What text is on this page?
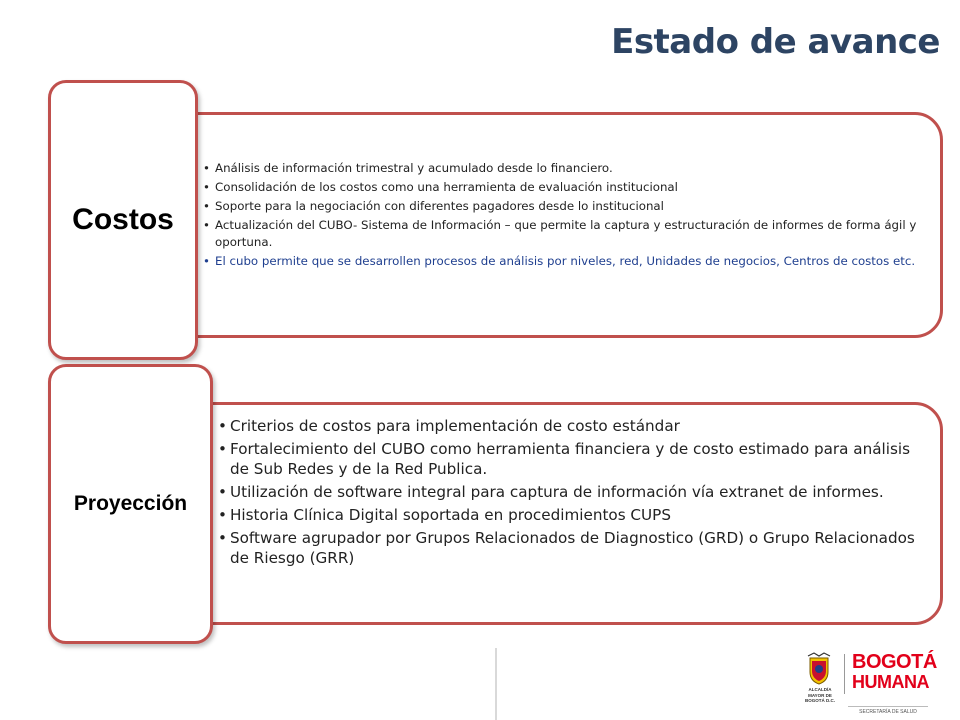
Estado de avance
Costos
• Análisis de información trimestral y acumulado desde lo financiero.
• Consolidación de los costos como una herramienta de evaluación institucional
• Soporte para la negociación con diferentes pagadores desde lo institucional
• Actualización del CUBO- Sistema de Información – que permite la captura y estructuración de informes de forma ágil y oportuna.
• El cubo permite que se desarrollen procesos de análisis por niveles, red, Unidades de negocios, Centros de costos etc.
Proyección
• Criterios de costos para implementación de costo estándar
• Fortalecimiento del CUBO como herramienta financiera y de costo estimado para análisis de Sub Redes y de la Red Publica.
• Utilización de software integral para captura de información vía extranet de informes.
• Historia Clínica Digital soportada en procedimientos CUPS
• Software agrupador por Grupos Relacionados de Diagnostico (GRD) o Grupo Relacionados de Riesgo (GRR)
ALCALDÍA MAYOR DE BOGOTÁ D.C.
BOGOTÁ
HUMANA
SECRETARÍA DE SALUD
